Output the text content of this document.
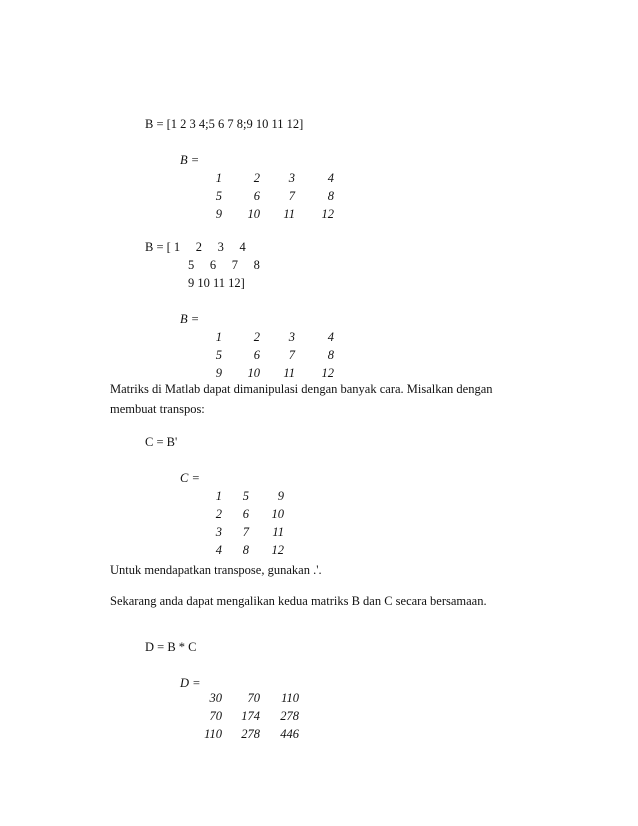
B = [1 2 3 4;5 6 7 8;9 10 11 12]
B =
1	2	3	4
5	6	7	8
9	10	11	12
B = [ 1     2     3     4
5     6     7     8
9 10 11 12]
B =
1	2	3	4
5	6	7	8
9	10	11	12
Matriks di Matlab dapat dimanipulasi dengan banyak cara. Misalkan dengan membuat transpos:
C = B'
C =
1	5	9
2	6	10
3	7	11
4	8	12
Untuk mendapatkan transpose, gunakan .'.
Sekarang anda dapat mengalikan kedua matriks B dan C secara bersamaan.
D = B * C
D =
30	70	110
70	174	278
110	278	446
